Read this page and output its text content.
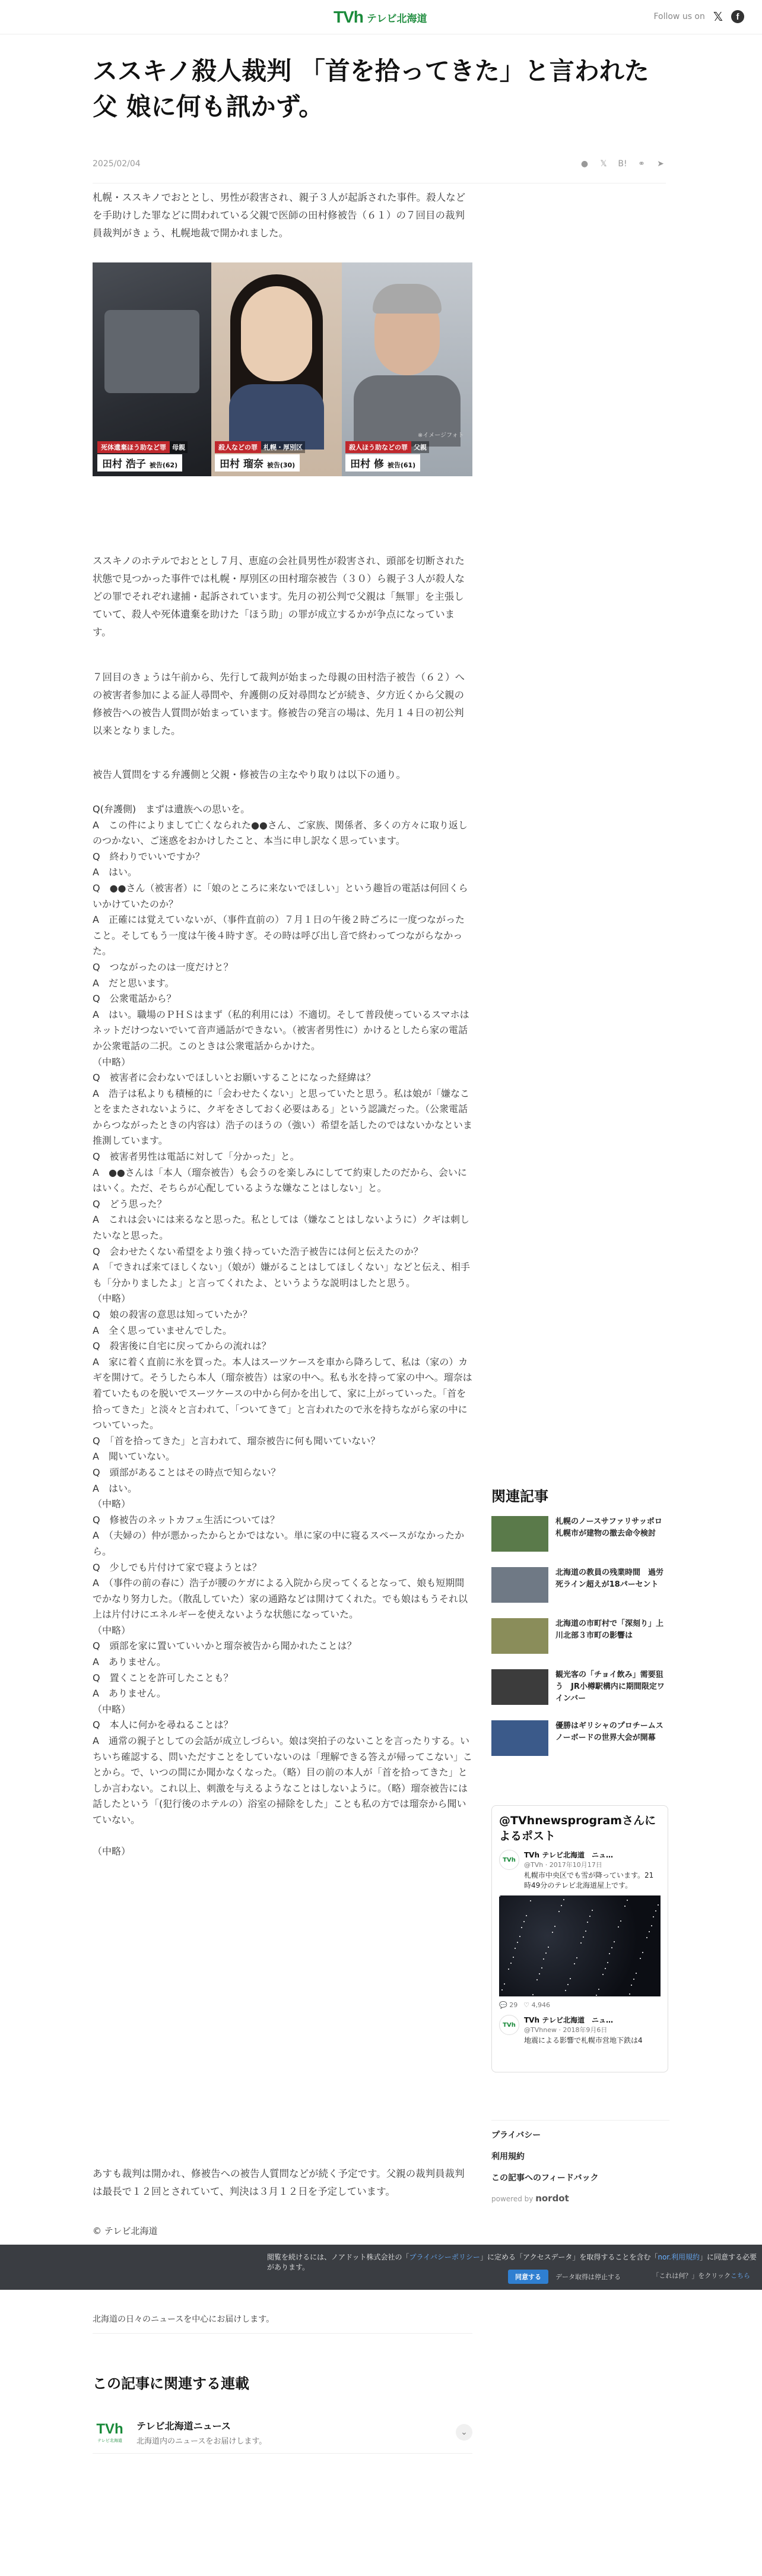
TVh テレビ北海道	Follow us on 𝕏	f
ススキノ殺人裁判 「首を拾ってきた」と言われた父 娘に何も訊かず。
2025/02/04	● 𝕏 B! ⚭ ➤

札幌・ススキノでおととし、男性が殺害され、親子３人が起訴された事件。殺人などを手助けした罪などに問われている父親で医師の田村修被告（６１）の７回目の裁判員裁判がきょう、札幌地裁で開かれました。

※イメージフォト
死体遺棄ほう助など罪 母親
田村 浩子 被告(62)
殺人などの罪 札幌・厚別区
田村 瑠奈 被告(30)
殺人ほう助などの罪 父親
田村 修 被告(61)

ススキノのホテルでおととし７月、恵庭の会社員男性が殺害され、頭部を切断された状態で見つかった事件では札幌・厚別区の田村瑠奈被告（３０）ら親子３人が殺人などの罪でそれぞれ逮捕・起訴されています。先月の初公判で父親は「無罪」を主張していて、殺人や死体遺棄を助けた「ほう助」の罪が成立するかが争点になっています。

７回目のきょうは午前から、先行して裁判が始まった母親の田村浩子被告（６２）への被害者参加による証人尋問や、弁護側の反対尋問などが続き、夕方近くから父親の修被告への被告人質問が始まっています。修被告の発言の場は、先月１４日の初公判以来となりました。

被告人質問をする弁護側と父親・修被告の主なやり取りは以下の通り。

Q(弁護側)　まずは遺族への思いを。

A　この件によりまして亡くなられた●●さん、ご家族、関係者、多くの方々に取り返しのつかない、ご迷惑をおかけしたこと、本当に申し訳なく思っています。

Q　終わりでいいですか？

A　はい。

Q　●●さん（被害者）に「娘のところに来ないでほしい」という趣旨の電話は何回くらいかけていたのか？

A　正確には覚えていないが、（事件直前の）７月１日の午後２時ごろに一度つながったこと。そしてもう一度は午後４時すぎ。その時は呼び出し音で終わってつながらなかった。

Q　つながったのは一度だけと？

A　だと思います。

Q　公衆電話から？

A　はい。職場のＰＨＳはまず（私的利用には）不適切。そして普段使っているスマホはネットだけつないでいて音声通話ができない。（被害者男性に）かけるとしたら家の電話か公衆電話の二択。このときは公衆電話からかけた。

（中略）

Q　被害者に会わないでほしいとお願いすることになった経緯は？

A　浩子は私よりも積極的に「会わせたくない」と思っていたと思う。私は娘が「嫌なことをまたされないように、クギをさしておく必要はある」という認識だった。（公衆電話からつながったときの内容は）浩子のほうの（強い）希望を話したのではないかなといま推測しています。

Q　被害者男性は電話に対して「分かった」と。

A　●●さんは「本人（瑠奈被告）も会うのを楽しみにしてて約束したのだから、会いにはいく。ただ、そちらが心配しているような嫌なことはしない」と。

Q　どう思った？

A　これは会いには来るなと思った。私としては（嫌なことはしないように）クギは刺したいなと思った。

Q　会わせたくない希望をより強く持っていた浩子被告には何と伝えたのか？

A　「できれば来てほしくない」（娘が）嫌がることはしてほしくない」などと伝え、相手も「分かりましたよ」と言ってくれたよ、というような説明はしたと思う。

（中略）

Q　娘の殺害の意思は知っていたか？

A　全く思っていませんでした。

Q　殺害後に自宅に戻ってからの流れは？

A　家に着く直前に氷を買った。本人はスーツケースを車から降ろして、私は（家の）カギを開けて。そうしたら本人（瑠奈被告）は家の中へ。私も氷を持って家の中へ。瑠奈は着ていたものを脱いでスーツケースの中から何かを出して、家に上がっていった。「首を拾ってきた」と淡々と言われて、「ついてきて」と言われたので氷を持ちながら家の中についていった。

Q　「首を拾ってきた」と言われて、瑠奈被告に何も聞いていない？

A　聞いていない。

Q　頭部があることはその時点で知らない？

A　はい。

（中略）

Q　修被告のネットカフェ生活については？

A　（夫婦の）仲が悪かったからとかではない。単に家の中に寝るスペースがなかったから。

Q　少しでも片付けて家で寝ようとは？

A　（事件の前の春に）浩子が腰のケガによる入院から戻ってくるとなって、娘も短期間でかなり努力した。（散乱していた）家の通路などは開けてくれた。でも娘はもうそれ以上は片付けにエネルギーを使えないような状態になっていた。

（中略）

Q　頭部を家に置いていいかと瑠奈被告から聞かれたことは？

A　ありません。

Q　置くことを許可したことも？

A　ありません。

（中略）

Q　本人に何かを尋ねることは？

A　通常の親子としての会話が成立しづらい。娘は突拍子のないことを言ったりする。いちいち確認する、問いただすことをしていないのは「理解できる答えが帰ってこない」ことから。で、いつの間にか聞かなくなった。（略）目の前の本人が「首を拾ってきた」としか言わない。これ以上、刺激を与えるようなことはしないように。（略）瑠奈被告には話したという「(犯行後のホテルの）浴室の掃除をした」ことも私の方では瑠奈から聞いていない。

（中略）

あすも裁判は開かれ、修被告への被告人質問などが続く予定です。父親の裁判員裁判は最長で１２回とされていて、判決は３月１２日を予定しています。

© テレビ北海道

関連記事
札幌のノースサファリサッポロ 札幌市が建物の撤去命令検討
北海道の教員の残業時間　過労死ライン超えが18パーセント
北海道の市町村で「深刻り」上川北部３市町の影響は
観光客の「チョイ飲み」需要狙う　JR小樽駅構内に期間限定ワインバー
優勝はギリシャのプロチームスノーボードの世界大会が開幕
@TVhnewsprogramさんによるポスト
TVh
TVh テレビ北海道　ニュ…
@TVh · 2017年10月17日
札幌市中央区でも雪が降っています。21時49分のテレビ北海道屋上です。
💬 29 ♡ 4,946
TVh
TVh テレビ北海道　ニュ…
@TVhnew · 2018年9月6日
地震による影響で札幌市営地下鉄は4
プライバシー
利用規約
この記事へのフィードバック
powered by nordot
閲覧を続けるには、ノアドット株式会社の「プライバシーポリシー」に定める「アクセスデータ」を取得することを含む「nor.利用規約」に同意する必要があります。
同意する	データ取得は停止する	「これは何？」をクリックこちら
北海道の日々のニュースを中心にお届けします。
この記事に関連する連載
TVh
テレビ北海道
テレビ北海道ニュース
北海道内のニュースをお届けします。
⌄
